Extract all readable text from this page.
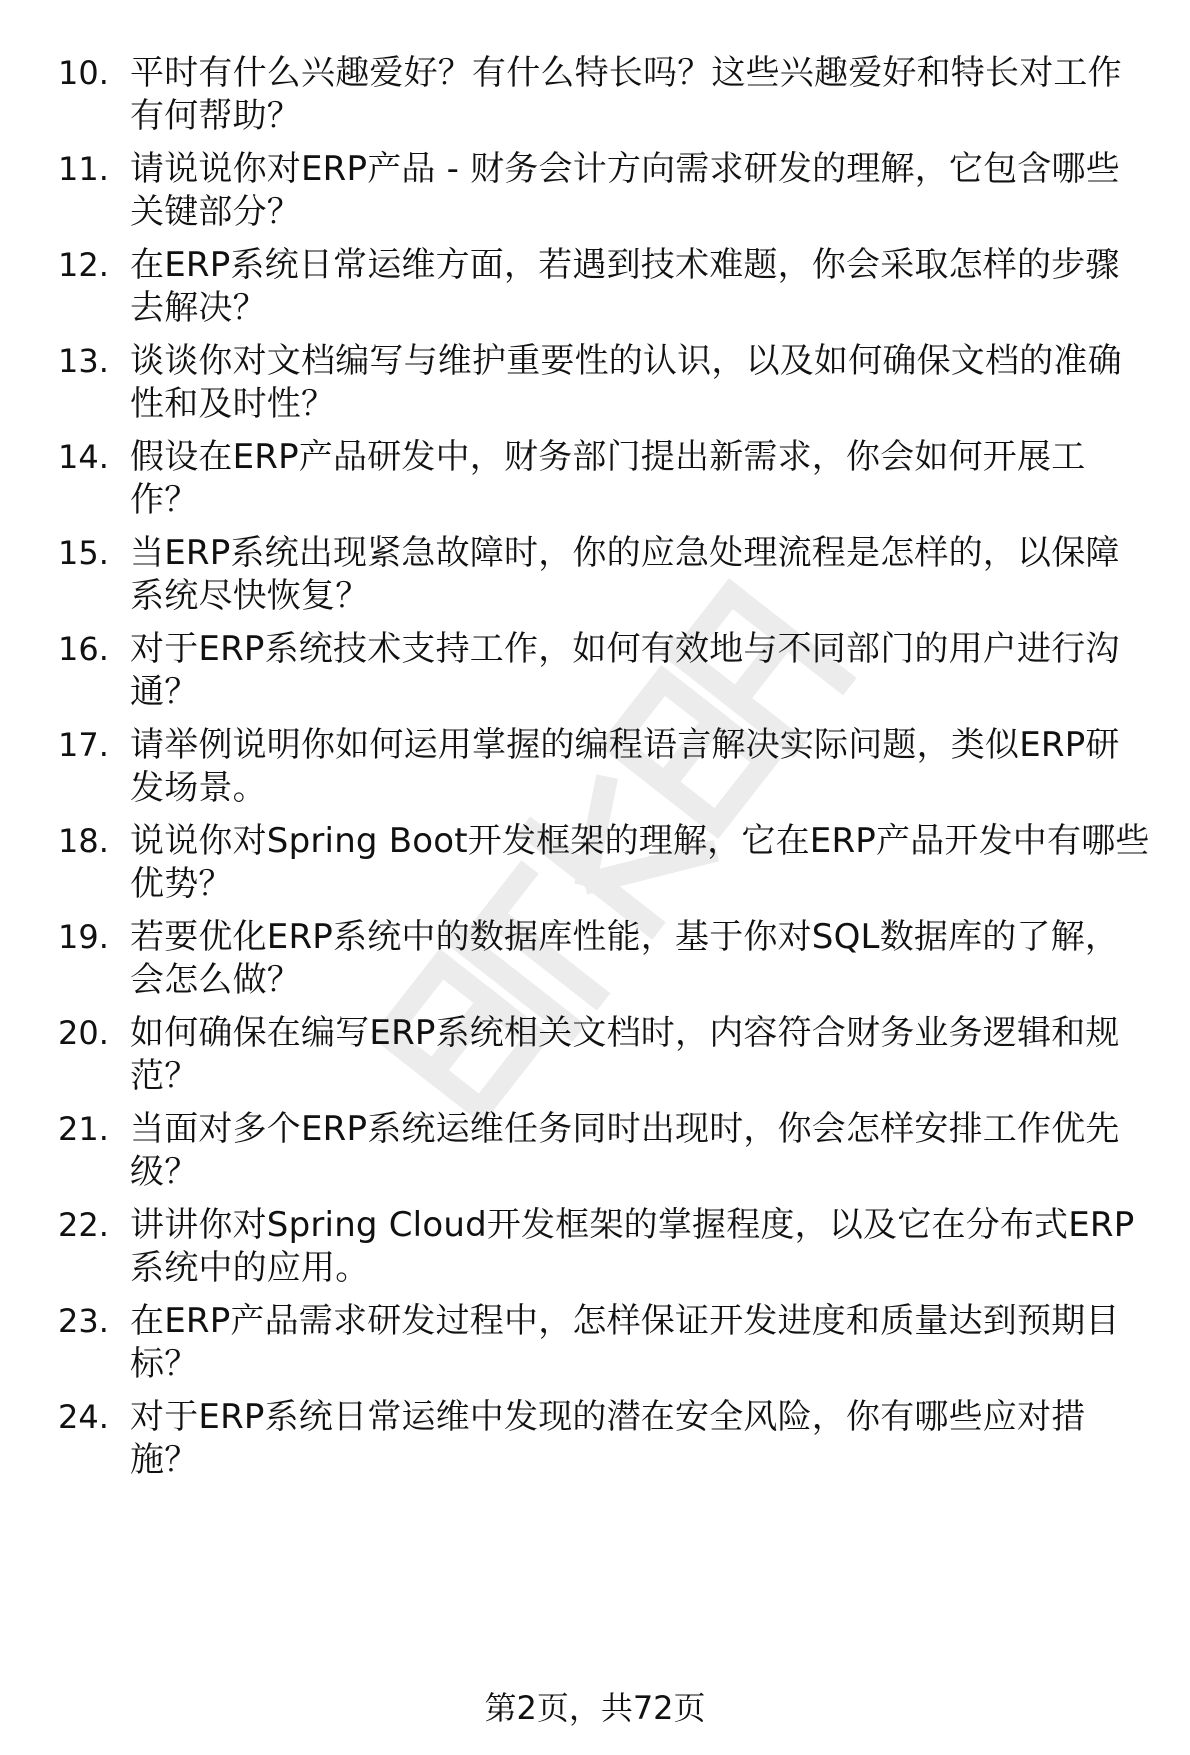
10. 平时有什么兴趣爱好？有什么特长吗？这些兴趣爱好和特长对工作有何帮助？
11. 请说说你对ERP产品 - 财务会计方向需求研发的理解，它包含哪些关键部分？
12. 在ERP系统日常运维方面，若遇到技术难题，你会采取怎样的步骤去解决？
13. 谈谈你对文档编写与维护重要性的认识，以及如何确保文档的准确性和及时性？
14. 假设在ERP产品研发中，财务部门提出新需求，你会如何开展工作？
15. 当ERP系统出现紧急故障时，你的应急处理流程是怎样的，以保障系统尽快恢复？
16. 对于ERP系统技术支持工作，如何有效地与不同部门的用户进行沟通？
17. 请举例说明你如何运用掌握的编程语言解决实际问题，类似ERP研发场景。
18. 说说你对Spring Boot开发框架的理解，它在ERP产品开发中有哪些优势？
19. 若要优化ERP系统中的数据库性能，基于你对SQL数据库的了解，会怎么做？
20. 如何确保在编写ERP系统相关文档时，内容符合财务业务逻辑和规范？
21. 当面对多个ERP系统运维任务同时出现时，你会怎样安排工作优先级？
22. 讲讲你对Spring Cloud开发框架的掌握程度，以及它在分布式ERP系统中的应用。
23. 在ERP产品需求研发过程中，怎样保证开发进度和质量达到预期目标？
24. 对于ERP系统日常运维中发现的潜在安全风险，你有哪些应对措施？
第2页，共72页
